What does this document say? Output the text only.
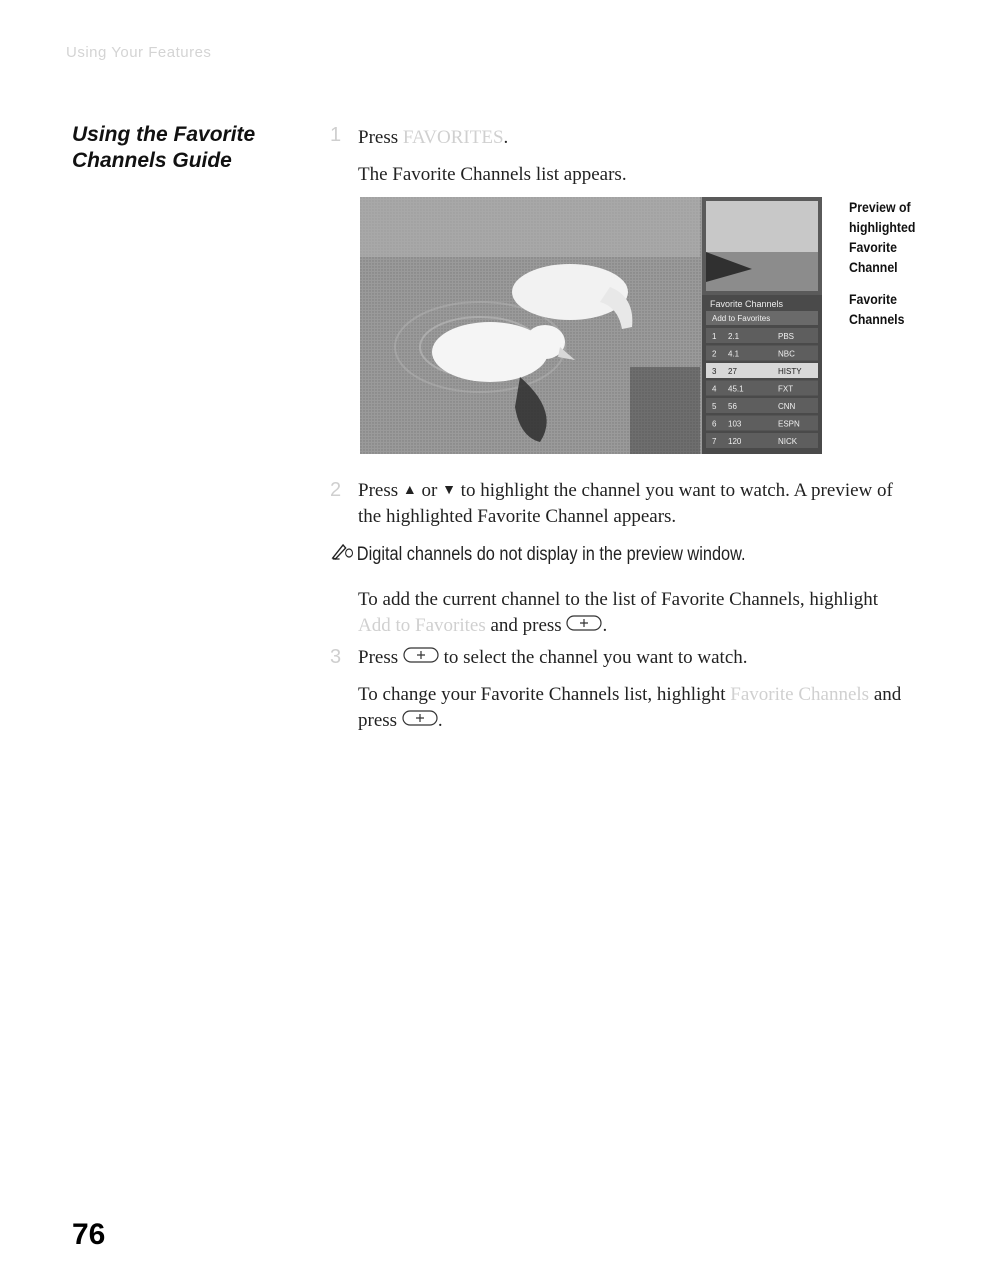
Using Your Features
Using the Favorite
Channels Guide
1 Press FAVORITES.

The Favorite Channels list appears.

Favorite Channels
Add to Favorites
1 2.1	PBS
2 4.1	NBC
3 27	HISTY
4 45.1	FXT
5 56	CNN
6 103	ESPN
7 120	NICK
Preview of
highlighted
Favorite
Channel
Favorite
Channels
2 Press ▲ or ▼ to highlight the channel you want to watch. A preview of
the highlighted Favorite Channel appears.

Digital channels do not display in the preview window.

To add the current channel to the list of Favorite Channels, highlight
Add to Favorites and press .

3 Press to select the channel you want to watch.

To change your Favorite Channels list, highlight Favorite Channels and
press .

76
